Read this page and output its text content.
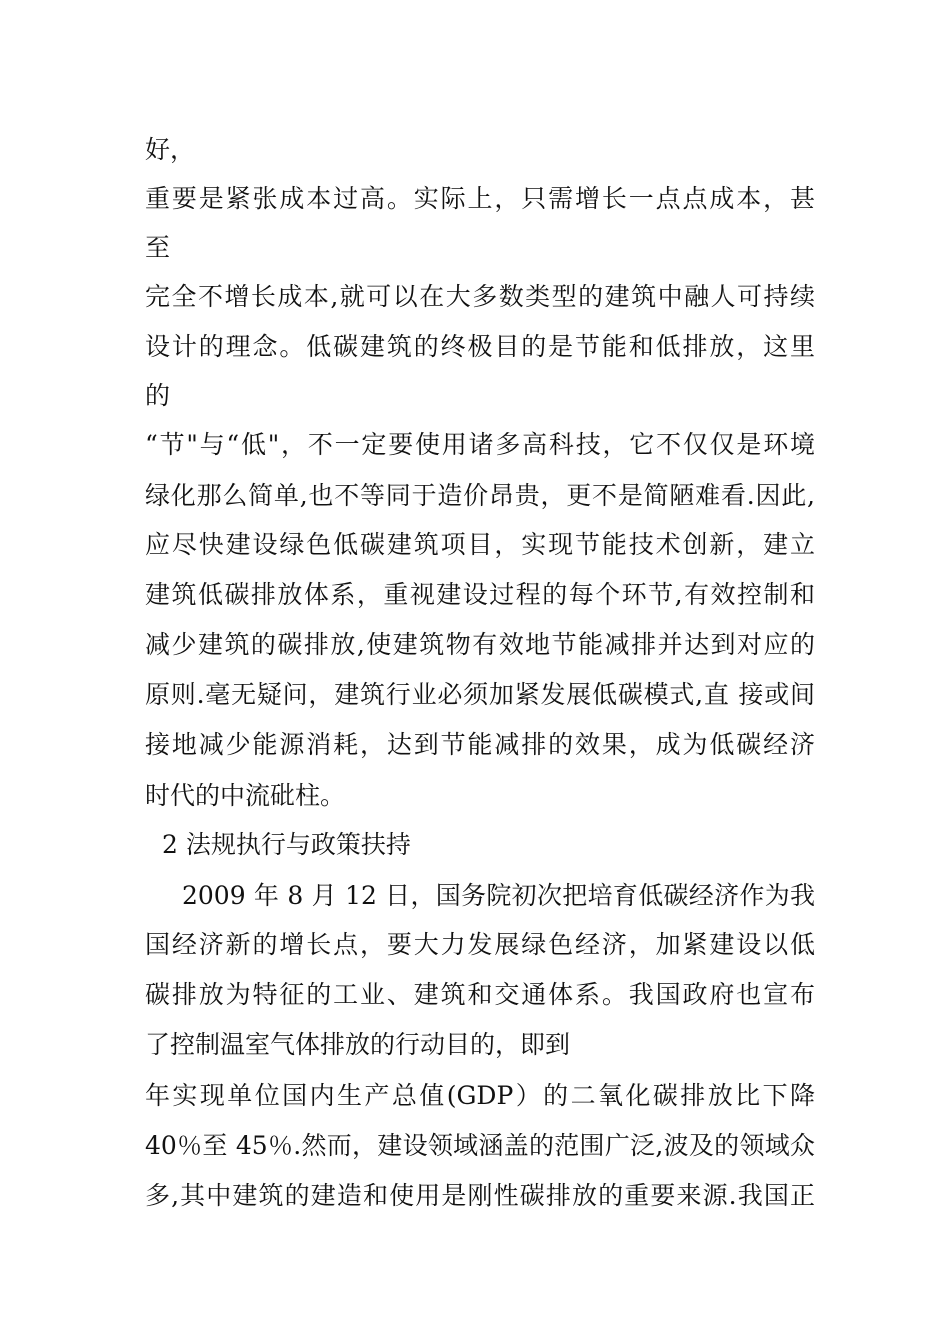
好，
重要是紧张成本过高。实际上，只需增长一点点成本，甚
至
完全不增长成本,就可以在大多数类型的建筑中融人可持续
设计的理念。低碳建筑的终极目的是节能和低排放，这里
的
“节"与“低"，不一定要使用诸多高科技，它不仅仅是环境
绿化那么简单,也不等同于造价昂贵，更不是简陋难看.因此,
应尽快建设绿色低碳建筑项目，实现节能技术创新，建立
建筑低碳排放体系，重视建设过程的每个环节,有效控制和
减少建筑的碳排放,使建筑物有效地节能减排并达到对应的
原则.毫无疑问，建筑行业必须加紧发展低碳模式,直 接或间
接地减少能源消耗，达到节能减排的效果，成为低碳经济
时代的中流砒柱。
2 法规执行与政策扶持
2009 年 8 月 12 日，国务院初次把培育低碳经济作为我
国经济新的增长点，要大力发展绿色经济，加紧建设以低
碳排放为特征的工业、建筑和交通体系。我国政府也宣布
了控制温室气体排放的行动目的，即到
年实现单位国内生产总值(GDP）的二氧化碳排放比下降
40％至 45％.然而，建设领域涵盖的范围广泛,波及的领域众
多,其中建筑的建造和使用是刚性碳排放的重要来源.我国正
